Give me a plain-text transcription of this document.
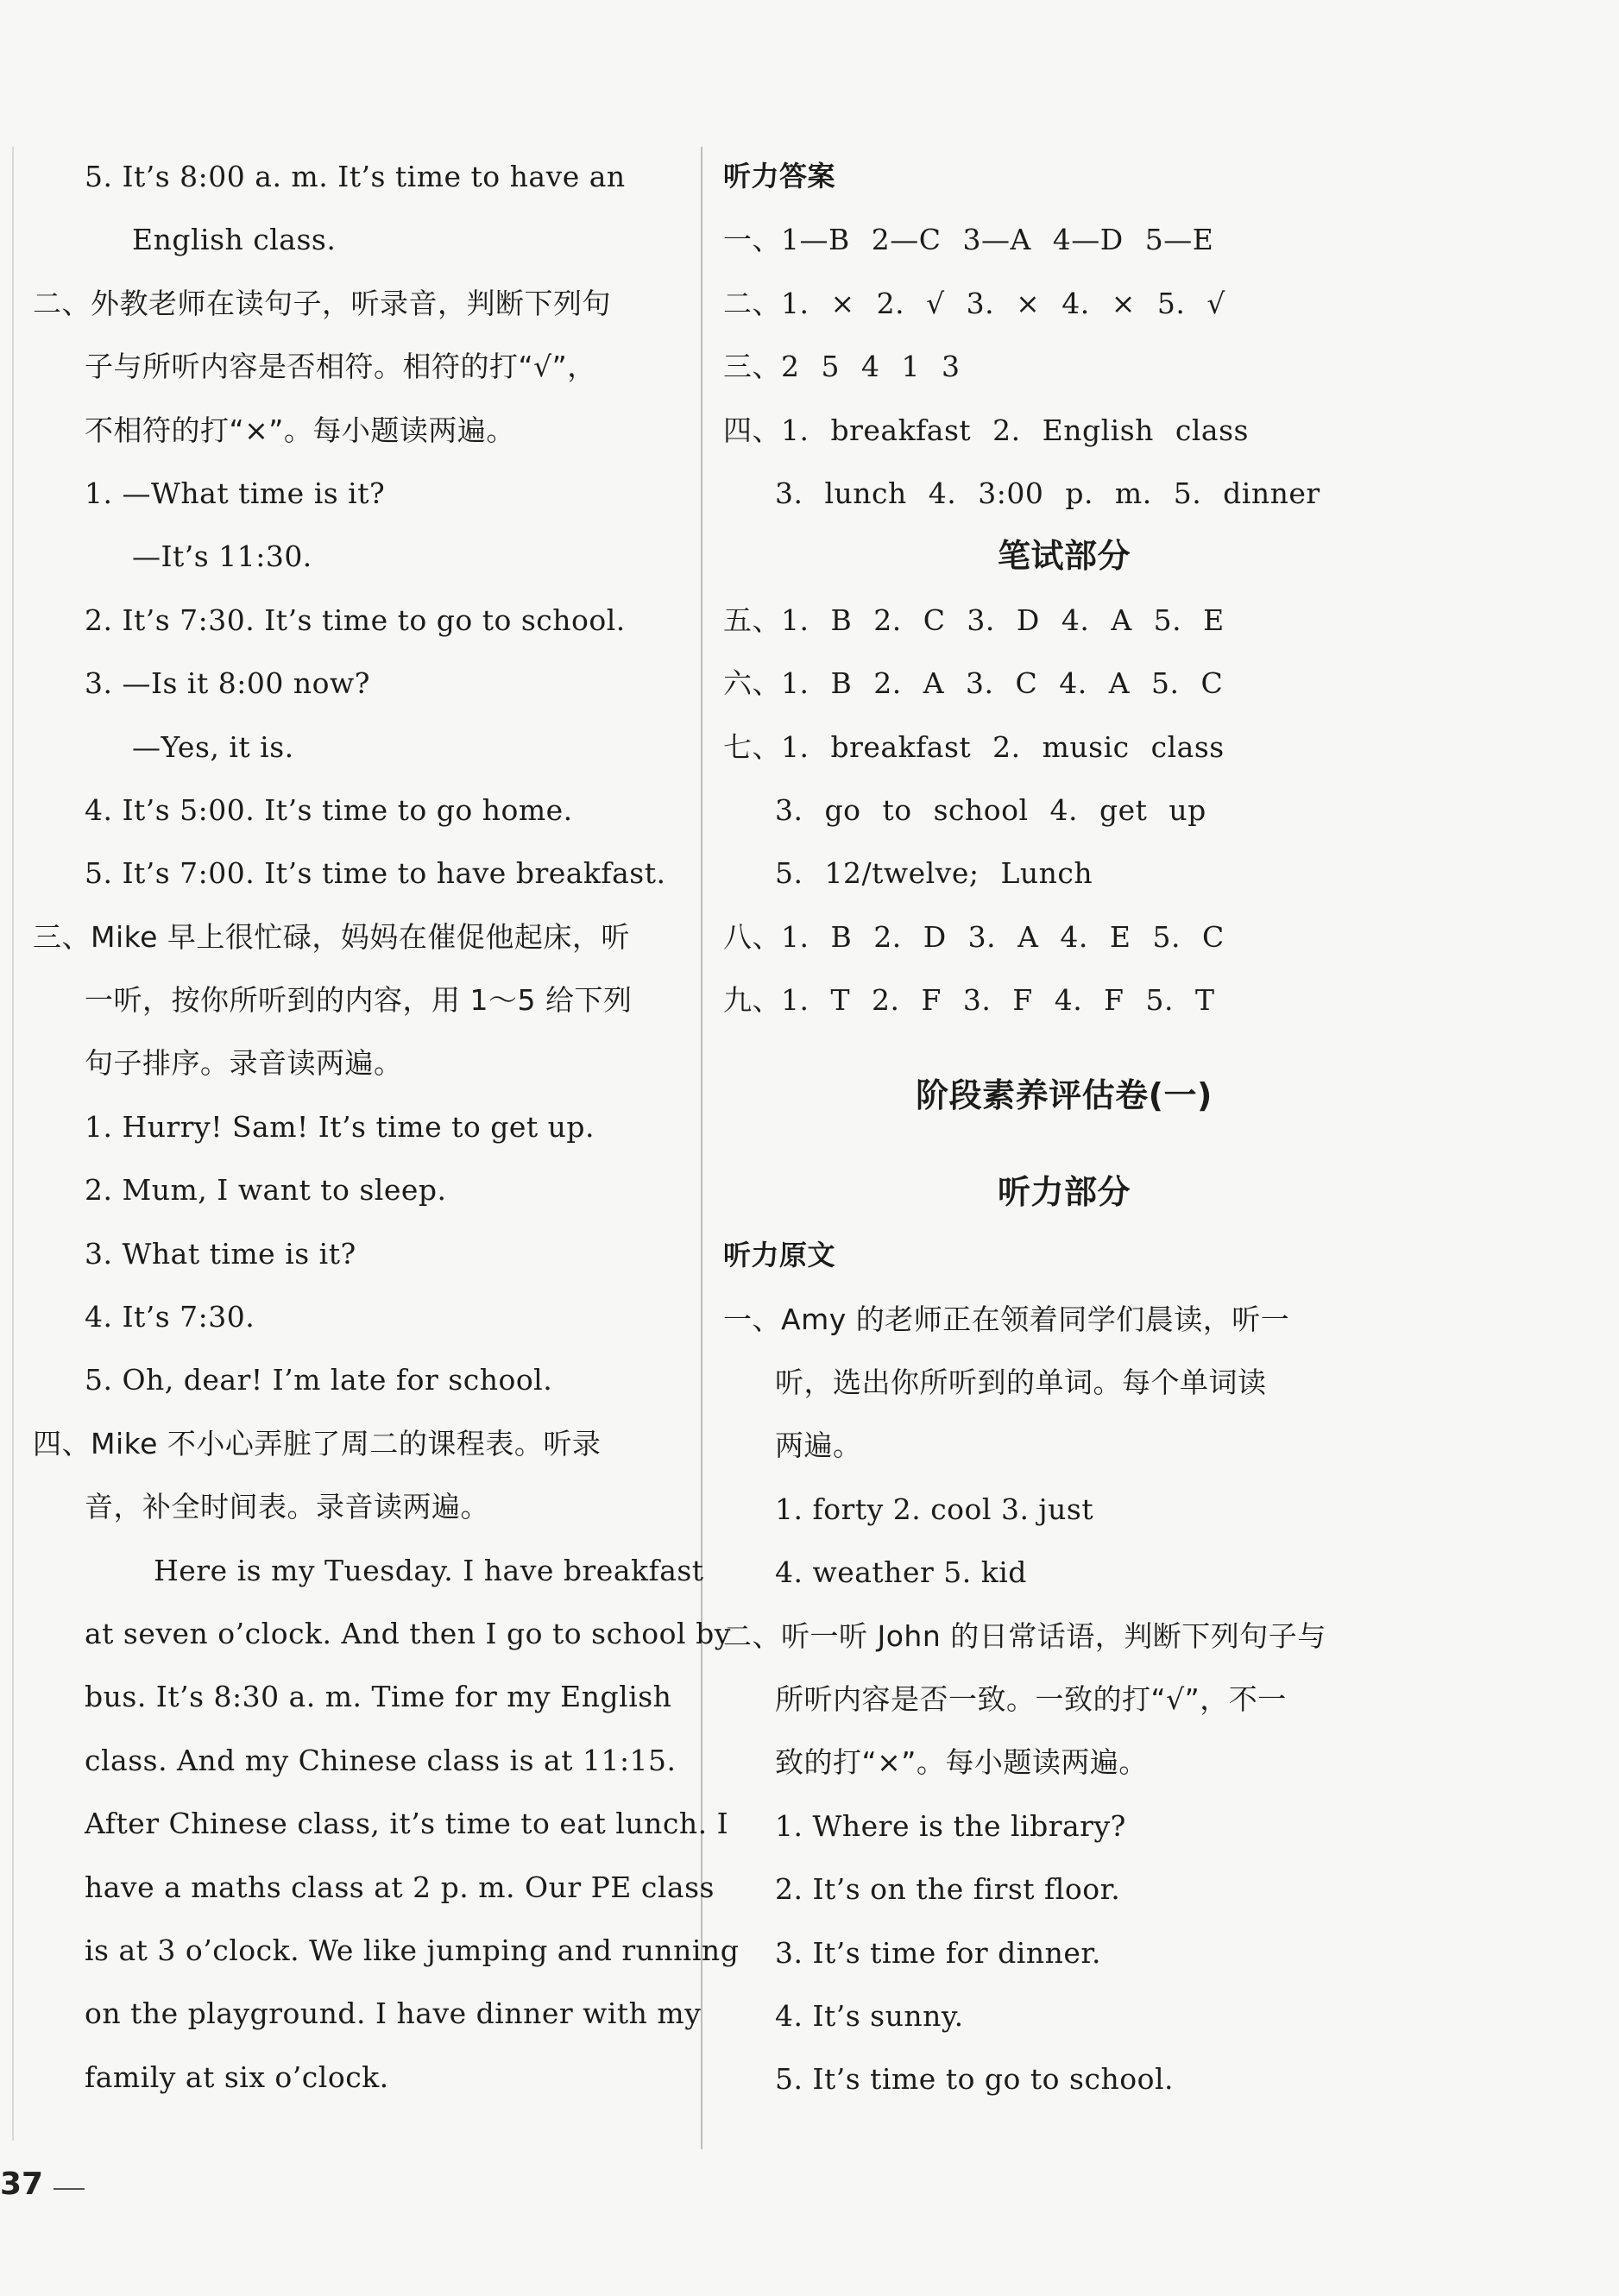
5. It’s 8:00 a. m. It’s time to have an
English class.
二、外教老师在读句子，听录音，判断下列句
子与所听内容是否相符。相符的打“√”，
不相符的打“×”。每小题读两遍。
1. —What time is it?
—It’s 11:30.
2. It’s 7:30. It’s time to go to school.
3. —Is it 8:00 now?
—Yes, it is.
4. It’s 5:00. It’s time to go home.
5. It’s 7:00. It’s time to have breakfast.
三、Mike 早上很忙碌，妈妈在催促他起床，听
一听，按你所听到的内容，用 1～5 给下列
句子排序。录音读两遍。
1. Hurry! Sam! It’s time to get up.
2. Mum, I want to sleep.
3. What time is it?
4. It’s 7:30.
5. Oh, dear! I’m late for school.
四、Mike 不小心弄脏了周二的课程表。听录
音，补全时间表。录音读两遍。
Here is my Tuesday. I have breakfast
at seven o’clock. And then I go to school by
bus. It’s 8:30 a. m. Time for my English
class. And my Chinese class is at 11:15.
After Chinese class, it’s time to eat lunch. I
have a maths class at 2 p. m. Our PE class
is at 3 o’clock. We like jumping and running
on the playground. I have dinner with my
family at six o’clock.
听力答案
一、1—B 2—C 3—A 4—D 5—E
二、1. × 2. √ 3. × 4. × 5. √
三、2 5 4 1 3
四、1. breakfast 2. English class
3. lunch 4. 3:00 p. m. 5. dinner
笔试部分
五、1. B 2. C 3. D 4. A 5. E
六、1. B 2. A 3. C 4. A 5. C
七、1. breakfast 2. music class
3. go to school 4. get up
5. 12/twelve; Lunch
八、1. B 2. D 3. A 4. E 5. C
九、1. T 2. F 3. F 4. F 5. T
阶段素养评估卷(一)
听力部分
听力原文
一、Amy 的老师正在领着同学们晨读，听一
听，选出你所听到的单词。每个单词读
两遍。
1. forty 2. cool 3. just
4. weather 5. kid
二、听一听 John 的日常话语，判断下列句子与
所听内容是否一致。一致的打“√”，不一
致的打“×”。每小题读两遍。
1. Where is the library?
2. It’s on the first floor.
3. It’s time for dinner.
4. It’s sunny.
5. It’s time to go to school.
37
